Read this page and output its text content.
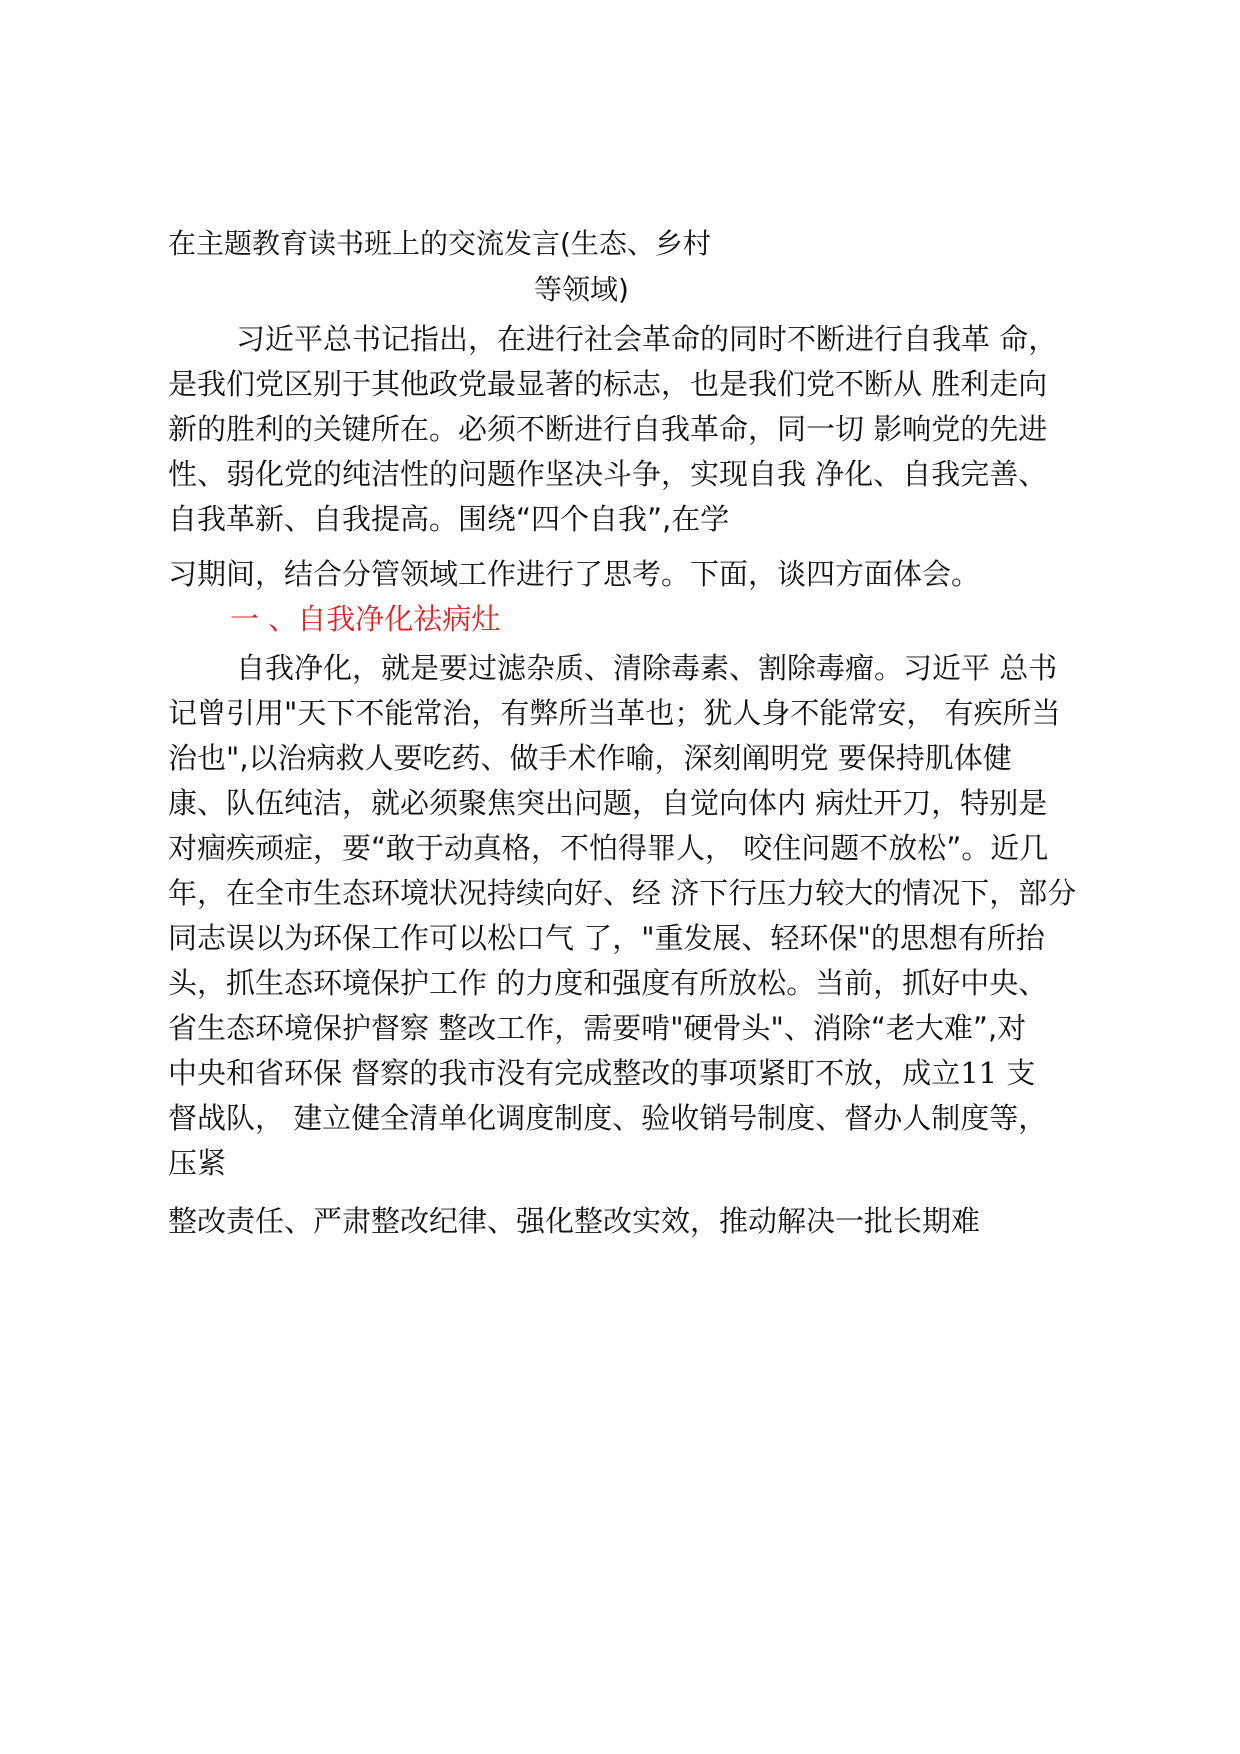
在主题教育读书班上的交流发言(生态、乡村
等领域)
习近平总书记指出，在进行社会革命的同时不断进行自我革 命，
是我们党区别于其他政党最显著的标志，也是我们党不断从 胜利走向
新的胜利的关键所在。必须不断进行自我革命，同一切 影响党的先进
性、弱化党的纯洁性的问题作坚决斗争，实现自我 净化、自我完善、
自我革新、自我提高。围绕“四个自我”,在学
习期间，结合分管领域工作进行了思考。下面，谈四方面体会。
一 、自我净化祛病灶
自我净化，就是要过滤杂质、清除毒素、割除毒瘤。习近平 总书
记曾引用"天下不能常治，有弊所当革也；犹人身不能常安， 有疾所当
治也",以治病救人要吃药、做手术作喻，深刻阐明党 要保持肌体健
康、队伍纯洁，就必须聚焦突出问题，自觉向体内 病灶开刀，特别是
对痼疾顽症，要“敢于动真格，不怕得罪人， 咬住问题不放松”。近几
年，在全市生态环境状况持续向好、经 济下行压力较大的情况下，部分
同志误以为环保工作可以松口气 了，"重发展、轻环保"的思想有所抬
头，抓生态环境保护工作 的力度和强度有所放松。当前，抓好中央、
省生态环境保护督察 整改工作，需要啃"硬骨头"、消除“老大难”,对
中央和省环保 督察的我市没有完成整改的事项紧盯不放，成立11 支
督战队， 建立健全清单化调度制度、验收销号制度、督办人制度等，
压紧
整改责任、严肃整改纪律、强化整改实效，推动解决一批长期难
